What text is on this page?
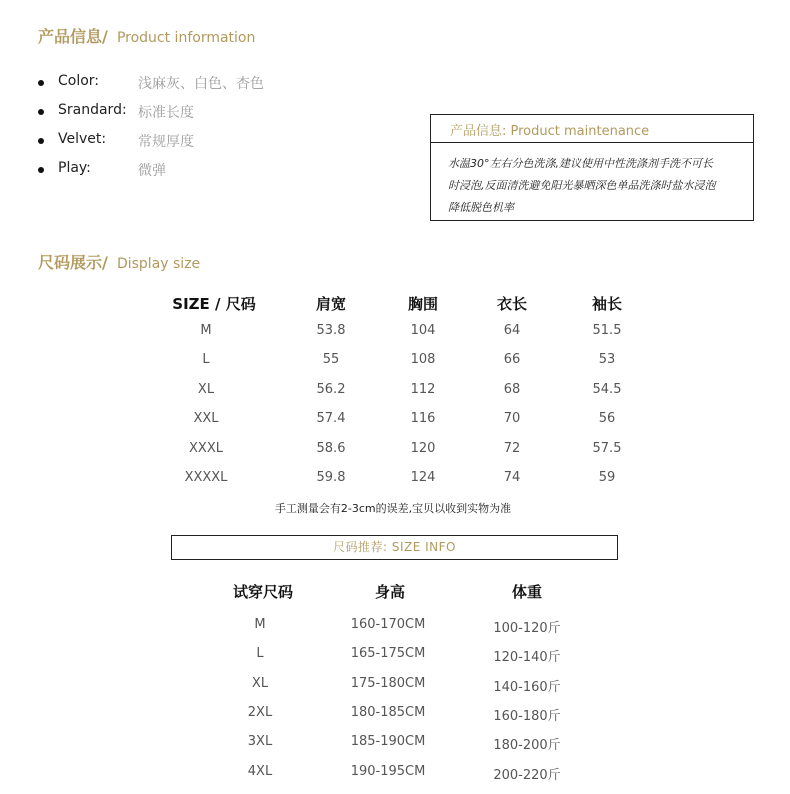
产品信息/ Product information
Color:	浅麻灰、白色、杏色
Srandard: 标准长度
Velvet: 常规厚度
Play:	微弹
产品信息: Product maintenance
水温30°左右分色洗涤,建议使用中性洗涤剂手洗不可长
时浸泡,反面清洗避免阳光暴晒深色单品洗涤时盐水浸泡
降低脱色机率
尺码展示/ Display size
SIZE / 尺码	肩宽	胸围	衣长	袖长
M	53.8	104	64	51.5
L	55	108	66	53
XL	56.2	112	68	54.5
XXL	57.4	116	70	56
XXXL	58.6	120	72	57.5
XXXXL	59.8	124	74	59
手工测量会有2-3cm的误差,宝贝以收到实物为准
尺码推荐: SIZE INFO
试穿尺码	身高	体重
M	160-170CM	100-120斤
L	165-175CM	120-140斤
XL	175-180CM	140-160斤
2XL	180-185CM	160-180斤
3XL	185-190CM	180-200斤
4XL	190-195CM	200-220斤
